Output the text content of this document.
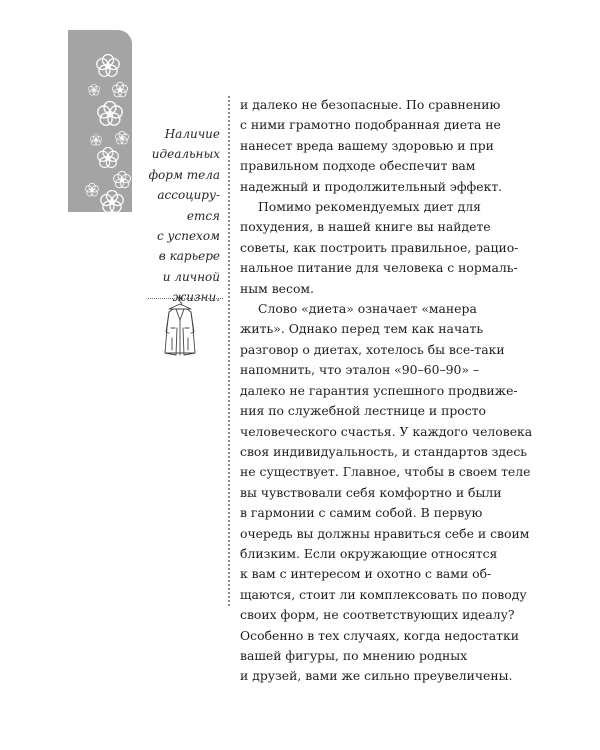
Наличие
идеальных
форм тела
ассоциру-
ется
с успехом
в карьере
и личной
жизни.

и далеко не безопасные. По сравнению
с ними грамотно подобранная диета не
нанесет вреда вашему здоровью и при
правильном подходе обеспечит вам
надежный и продолжительный эффект.

Помимо рекомендуемых диет для
похудения, в нашей книге вы найдете
советы, как построить правильное, рацио-
нальное питание для человека с нормаль-
ным весом.

Слово «диета» означает «манера
жить». Однако перед тем как начать
разговор о диетах, хотелось бы все-таки
напомнить, что эталон «90–60–90» –
далеко не гарантия успешного продвиже-
ния по служебной лестнице и просто
человеческого счастья. У каждого человека
своя индивидуальность, и стандартов здесь
не существует. Главное, чтобы в своем теле
вы чувствовали себя комфортно и были
в гармонии с самим собой. В первую
очередь вы должны нравиться себе и своим
близким. Если окружающие относятся
к вам с интересом и охотно с вами об-
щаются, стоит ли комплексовать по поводу
своих форм, не соответствующих идеалу?
Особенно в тех случаях, когда недостатки
вашей фигуры, по мнению родных
и друзей, вами же сильно преувеличены.
